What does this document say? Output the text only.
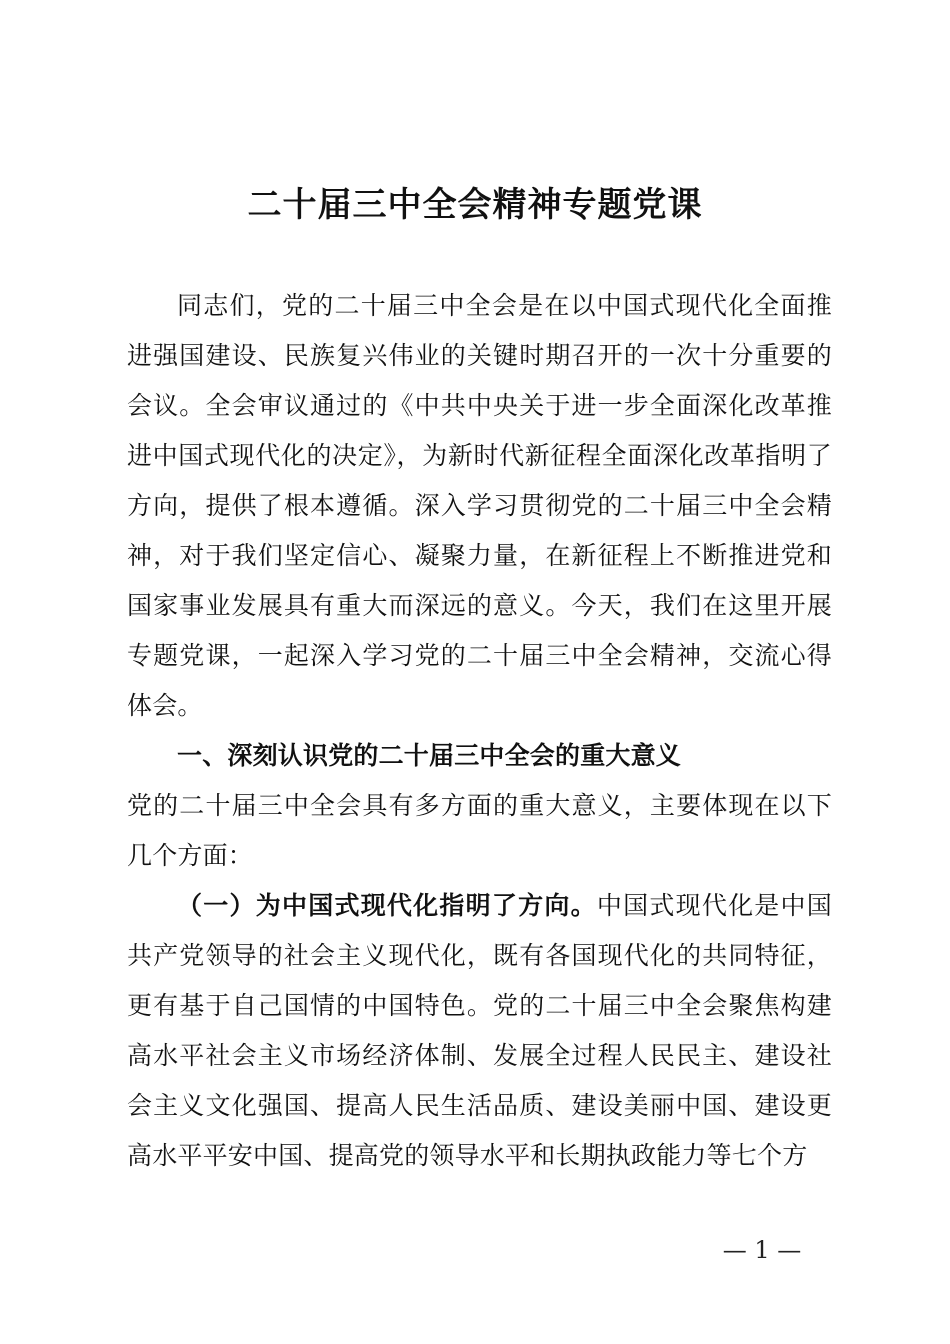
二十届三中全会精神专题党课

同志们，党的二十届三中全会是在以中国式现代化全面推进强国建设、民族复兴伟业的关键时期召开的一次十分重要的会议。全会审议通过的《中共中央关于进一步全面深化改革推进中国式现代化的决定》，为新时代新征程全面深化改革指明了方向，提供了根本遵循。深入学习贯彻党的二十届三中全会精神，对于我们坚定信心、凝聚力量，在新征程上不断推进党和国家事业发展具有重大而深远的意义。今天，我们在这里开展专题党课，一起深入学习党的二十届三中全会精神，交流心得体会。

一、深刻认识党的二十届三中全会的重大意义

党的二十届三中全会具有多方面的重大意义，主要体现在以下几个方面：

（一）为中国式现代化指明了方向。中国式现代化是中国共产党领导的社会主义现代化，既有各国现代化的共同特征，更有基于自己国情的中国特色。党的二十届三中全会聚焦构建高水平社会主义市场经济体制、发展全过程人民民主、建设社会主义文化强国、提高人民生活品质、建设美丽中国、建设更高水平平安中国、提高党的领导水平和长期执政能力等七个方

— 1 —
